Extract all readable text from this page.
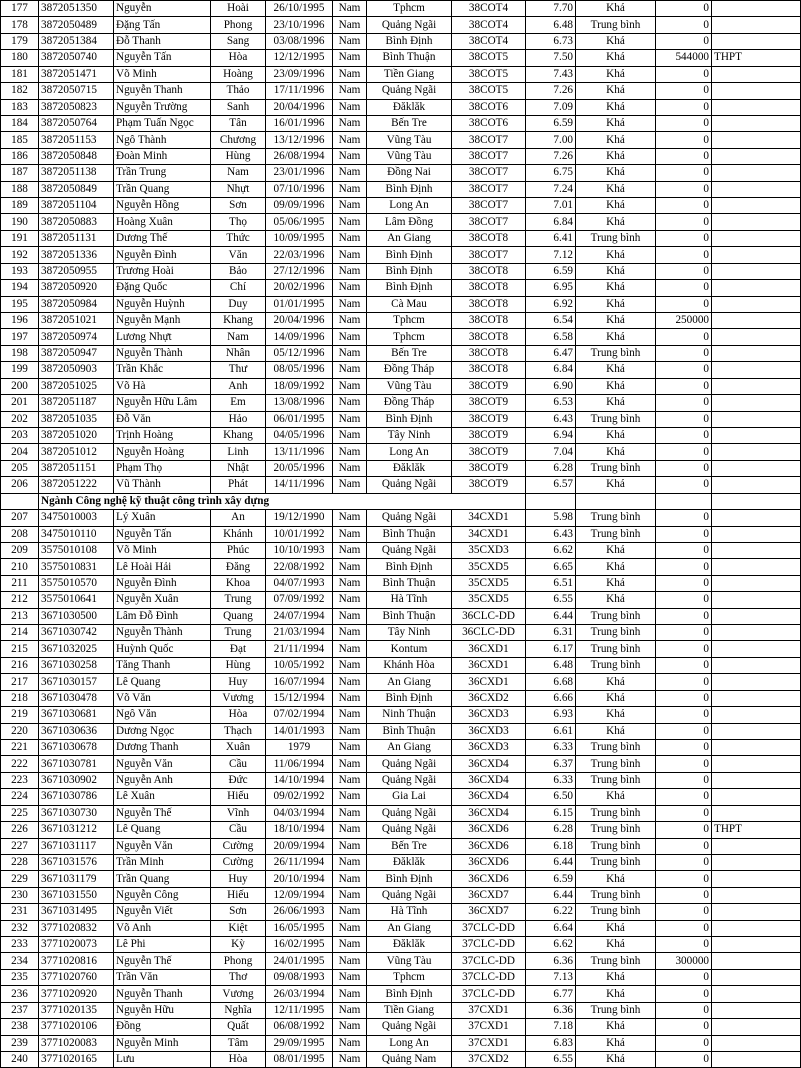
177	3872051350	Nguyễn	Hoài	26/10/1995	Nam	Tphcm	38COT4	7.70	Khá	0	
178	3872050489	Đặng Tấn	Phong	23/10/1996	Nam	Quảng Ngãi	38COT4	6.48	Trung bình	0	
179	3872051384	Đỗ Thanh	Sang	03/08/1996	Nam	Bình Định	38COT4	6.73	Khá	0	
180	3872050740	Nguyễn Tấn	Hòa	12/12/1995	Nam	Bình Thuận	38COT5	7.50	Khá	544000	THPT
181	3872051471	Võ Minh	Hoàng	23/09/1996	Nam	Tiền Giang	38COT5	7.43	Khá	0	
182	3872050715	Nguyễn Thanh	Thảo	17/11/1996	Nam	Quảng Ngãi	38COT5	7.26	Khá	0	
183	3872050823	Nguyễn Trường	Sanh	20/04/1996	Nam	Đăklăk	38COT6	7.09	Khá	0	
184	3872050764	Phạm Tuấn Ngọc	Tân	16/01/1996	Nam	Bến Tre	38COT6	6.59	Khá	0	
185	3872051153	Ngô Thành	Chương	13/12/1996	Nam	Vũng Tàu	38COT7	7.00	Khá	0	
186	3872050848	Đoàn Minh	Hùng	26/08/1994	Nam	Vũng Tàu	38COT7	7.26	Khá	0	
187	3872051138	Trần Trung	Nam	23/01/1996	Nam	Đồng Nai	38COT7	6.75	Khá	0	
188	3872050849	Trần Quang	Nhựt	07/10/1996	Nam	Bình Định	38COT7	7.24	Khá	0	
189	3872051104	Nguyễn Hồng	Sơn	09/09/1996	Nam	Long An	38COT7	7.01	Khá	0	
190	3872050883	Hoàng Xuân	Thọ	05/06/1995	Nam	Lâm Đồng	38COT7	6.84	Khá	0	
191	3872051131	Dương Thế	Thức	10/09/1995	Nam	An Giang	38COT8	6.41	Trung bình	0	
192	3872051336	Nguyễn Đình	Văn	22/03/1996	Nam	Bình Định	38COT7	7.12	Khá	0	
193	3872050955	Trương Hoài	Bảo	27/12/1996	Nam	Bình Định	38COT8	6.59	Khá	0	
194	3872050920	Đặng Quốc	Chí	20/02/1996	Nam	Bình Định	38COT8	6.95	Khá	0	
195	3872050984	Nguyễn Huỳnh	Duy	01/01/1995	Nam	Cà Mau	38COT8	6.92	Khá	0	
196	3872051021	Nguyễn Mạnh	Khang	20/04/1996	Nam	Tphcm	38COT8	6.54	Khá	250000	
197	3872050974	Lương Nhựt	Nam	14/09/1996	Nam	Tphcm	38COT8	6.58	Khá	0	
198	3872050947	Nguyễn Thành	Nhân	05/12/1996	Nam	Bến Tre	38COT8	6.47	Trung bình	0	
199	3872050903	Trần Khắc	Thư	08/05/1996	Nam	Đồng Tháp	38COT8	6.84	Khá	0	
200	3872051025	Võ Hà	Anh	18/09/1992	Nam	Vũng Tàu	38COT9	6.90	Khá	0	
201	3872051187	Nguyễn Hữu Lâm	Em	13/08/1996	Nam	Đồng Tháp	38COT9	6.53	Khá	0	
202	3872051035	Đỗ Văn	Hảo	06/01/1995	Nam	Bình Định	38COT9	6.43	Trung bình	0	
203	3872051020	Trịnh Hoàng	Khang	04/05/1996	Nam	Tây Ninh	38COT9	6.94	Khá	0	
204	3872051012	Nguyễn Hoàng	Linh	13/11/1996	Nam	Long An	38COT9	7.04	Khá	0	
205	3872051151	Phạm Thọ	Nhật	20/05/1996	Nam	Đăklăk	38COT9	6.28	Trung bình	0	
206	3872051222	Vũ Thành	Phát	14/11/1996	Nam	Quảng Ngãi	38COT9	6.57	Khá	0	
	Ngành Công nghệ kỹ thuật công trình xây dựng										
207	3475010003	Lý Xuân	An	19/12/1990	Nam	Quảng Ngãi	34CXD1	5.98	Trung bình	0	
208	3475010110	Nguyễn Tấn	Khánh	10/01/1992	Nam	Bình Thuận	34CXD1	6.43	Trung bình	0	
209	3575010108	Võ Minh	Phúc	10/10/1993	Nam	Quảng Ngãi	35CXD3	6.62	Khá	0	
210	3575010831	Lê Hoài Hải	Đăng	22/08/1992	Nam	Bình Định	35CXD5	6.65	Khá	0	
211	3575010570	Nguyễn Đình	Khoa	04/07/1993	Nam	Bình Thuận	35CXD5	6.51	Khá	0	
212	3575010641	Nguyễn Xuân	Trung	07/09/1992	Nam	Hà Tĩnh	35CXD5	6.55	Khá	0	
213	3671030500	Lâm Đỗ Đình	Quang	24/07/1994	Nam	Bình Thuận	36CLC-DD	6.44	Trung bình	0	
214	3671030742	Nguyễn Thành	Trung	21/03/1994	Nam	Tây Ninh	36CLC-DD	6.31	Trung bình	0	
215	3671032025	Huỳnh Quốc	Đạt	21/11/1994	Nam	Kontum	36CXD1	6.17	Trung bình	0	
216	3671030258	Tăng Thanh	Hùng	10/05/1992	Nam	Khánh Hòa	36CXD1	6.48	Trung bình	0	
217	3671030157	Lê Quang	Huy	16/07/1994	Nam	An Giang	36CXD1	6.68	Khá	0	
218	3671030478	Võ Văn	Vương	15/12/1994	Nam	Bình Định	36CXD2	6.66	Khá	0	
219	3671030681	Ngô Văn	Hòa	07/02/1994	Nam	Ninh Thuận	36CXD3	6.93	Khá	0	
220	3671030636	Dương Ngọc	Thạch	14/01/1993	Nam	Bình Thuận	36CXD3	6.61	Khá	0	
221	3671030678	Dương Thanh	Xuân	1979	Nam	An Giang	36CXD3	6.33	Trung bình	0	
222	3671030781	Nguyễn Văn	Cầu	11/06/1994	Nam	Quảng Ngãi	36CXD4	6.37	Trung bình	0	
223	3671030902	Nguyễn Anh	Đức	14/10/1994	Nam	Quảng Ngãi	36CXD4	6.33	Trung bình	0	
224	3671030786	Lê Xuân	Hiếu	09/02/1992	Nam	Gia Lai	36CXD4	6.50	Khá	0	
225	3671030730	Nguyễn Thế	Vĩnh	04/03/1994	Nam	Quảng Ngãi	36CXD4	6.15	Trung bình	0	
226	3671031212	Lê Quang	Cầu	18/10/1994	Nam	Quảng Ngãi	36CXD6	6.28	Trung bình	0	THPT
227	3671031117	Nguyễn Văn	Cường	20/09/1994	Nam	Bến Tre	36CXD6	6.18	Trung bình	0	
228	3671031576	Trần Minh	Cường	26/11/1994	Nam	Đăklăk	36CXD6	6.44	Trung bình	0	
229	3671031179	Trần Quang	Huy	20/10/1994	Nam	Bình Định	36CXD6	6.59	Khá	0	
230	3671031550	Nguyễn Công	Hiếu	12/09/1994	Nam	Quảng Ngãi	36CXD7	6.44	Trung bình	0	
231	3671031495	Nguyễn Viết	Sơn	26/06/1993	Nam	Hà Tĩnh	36CXD7	6.22	Trung bình	0	
232	3771020832	Võ Anh	Kiệt	16/05/1995	Nam	An Giang	37CLC-DD	6.64	Khá	0	
233	3771020073	Lê Phi	Kỳ	16/02/1995	Nam	Đăklăk	37CLC-DD	6.62	Khá	0	
234	3771020816	Nguyễn Thế	Phong	24/01/1995	Nam	Vũng Tàu	37CLC-DD	6.36	Trung bình	300000	
235	3771020760	Trần Văn	Thơ	09/08/1993	Nam	Tphcm	37CLC-DD	7.13	Khá	0	
236	3771020920	Nguyễn Thanh	Vương	26/03/1994	Nam	Bình Định	37CLC-DD	6.77	Khá	0	
237	3771020135	Nguyễn Hữu	Nghĩa	12/11/1995	Nam	Tiền Giang	37CXD1	6.36	Trung bình	0	
238	3771020106	Đồng	Quất	06/08/1992	Nam	Quảng Ngãi	37CXD1	7.18	Khá	0	
239	3771020083	Nguyễn Minh	Tâm	29/09/1995	Nam	Long An	37CXD1	6.83	Khá	0	
240	3771020165	Lưu	Hòa	08/01/1995	Nam	Quảng Nam	37CXD2	6.55	Khá	0	
